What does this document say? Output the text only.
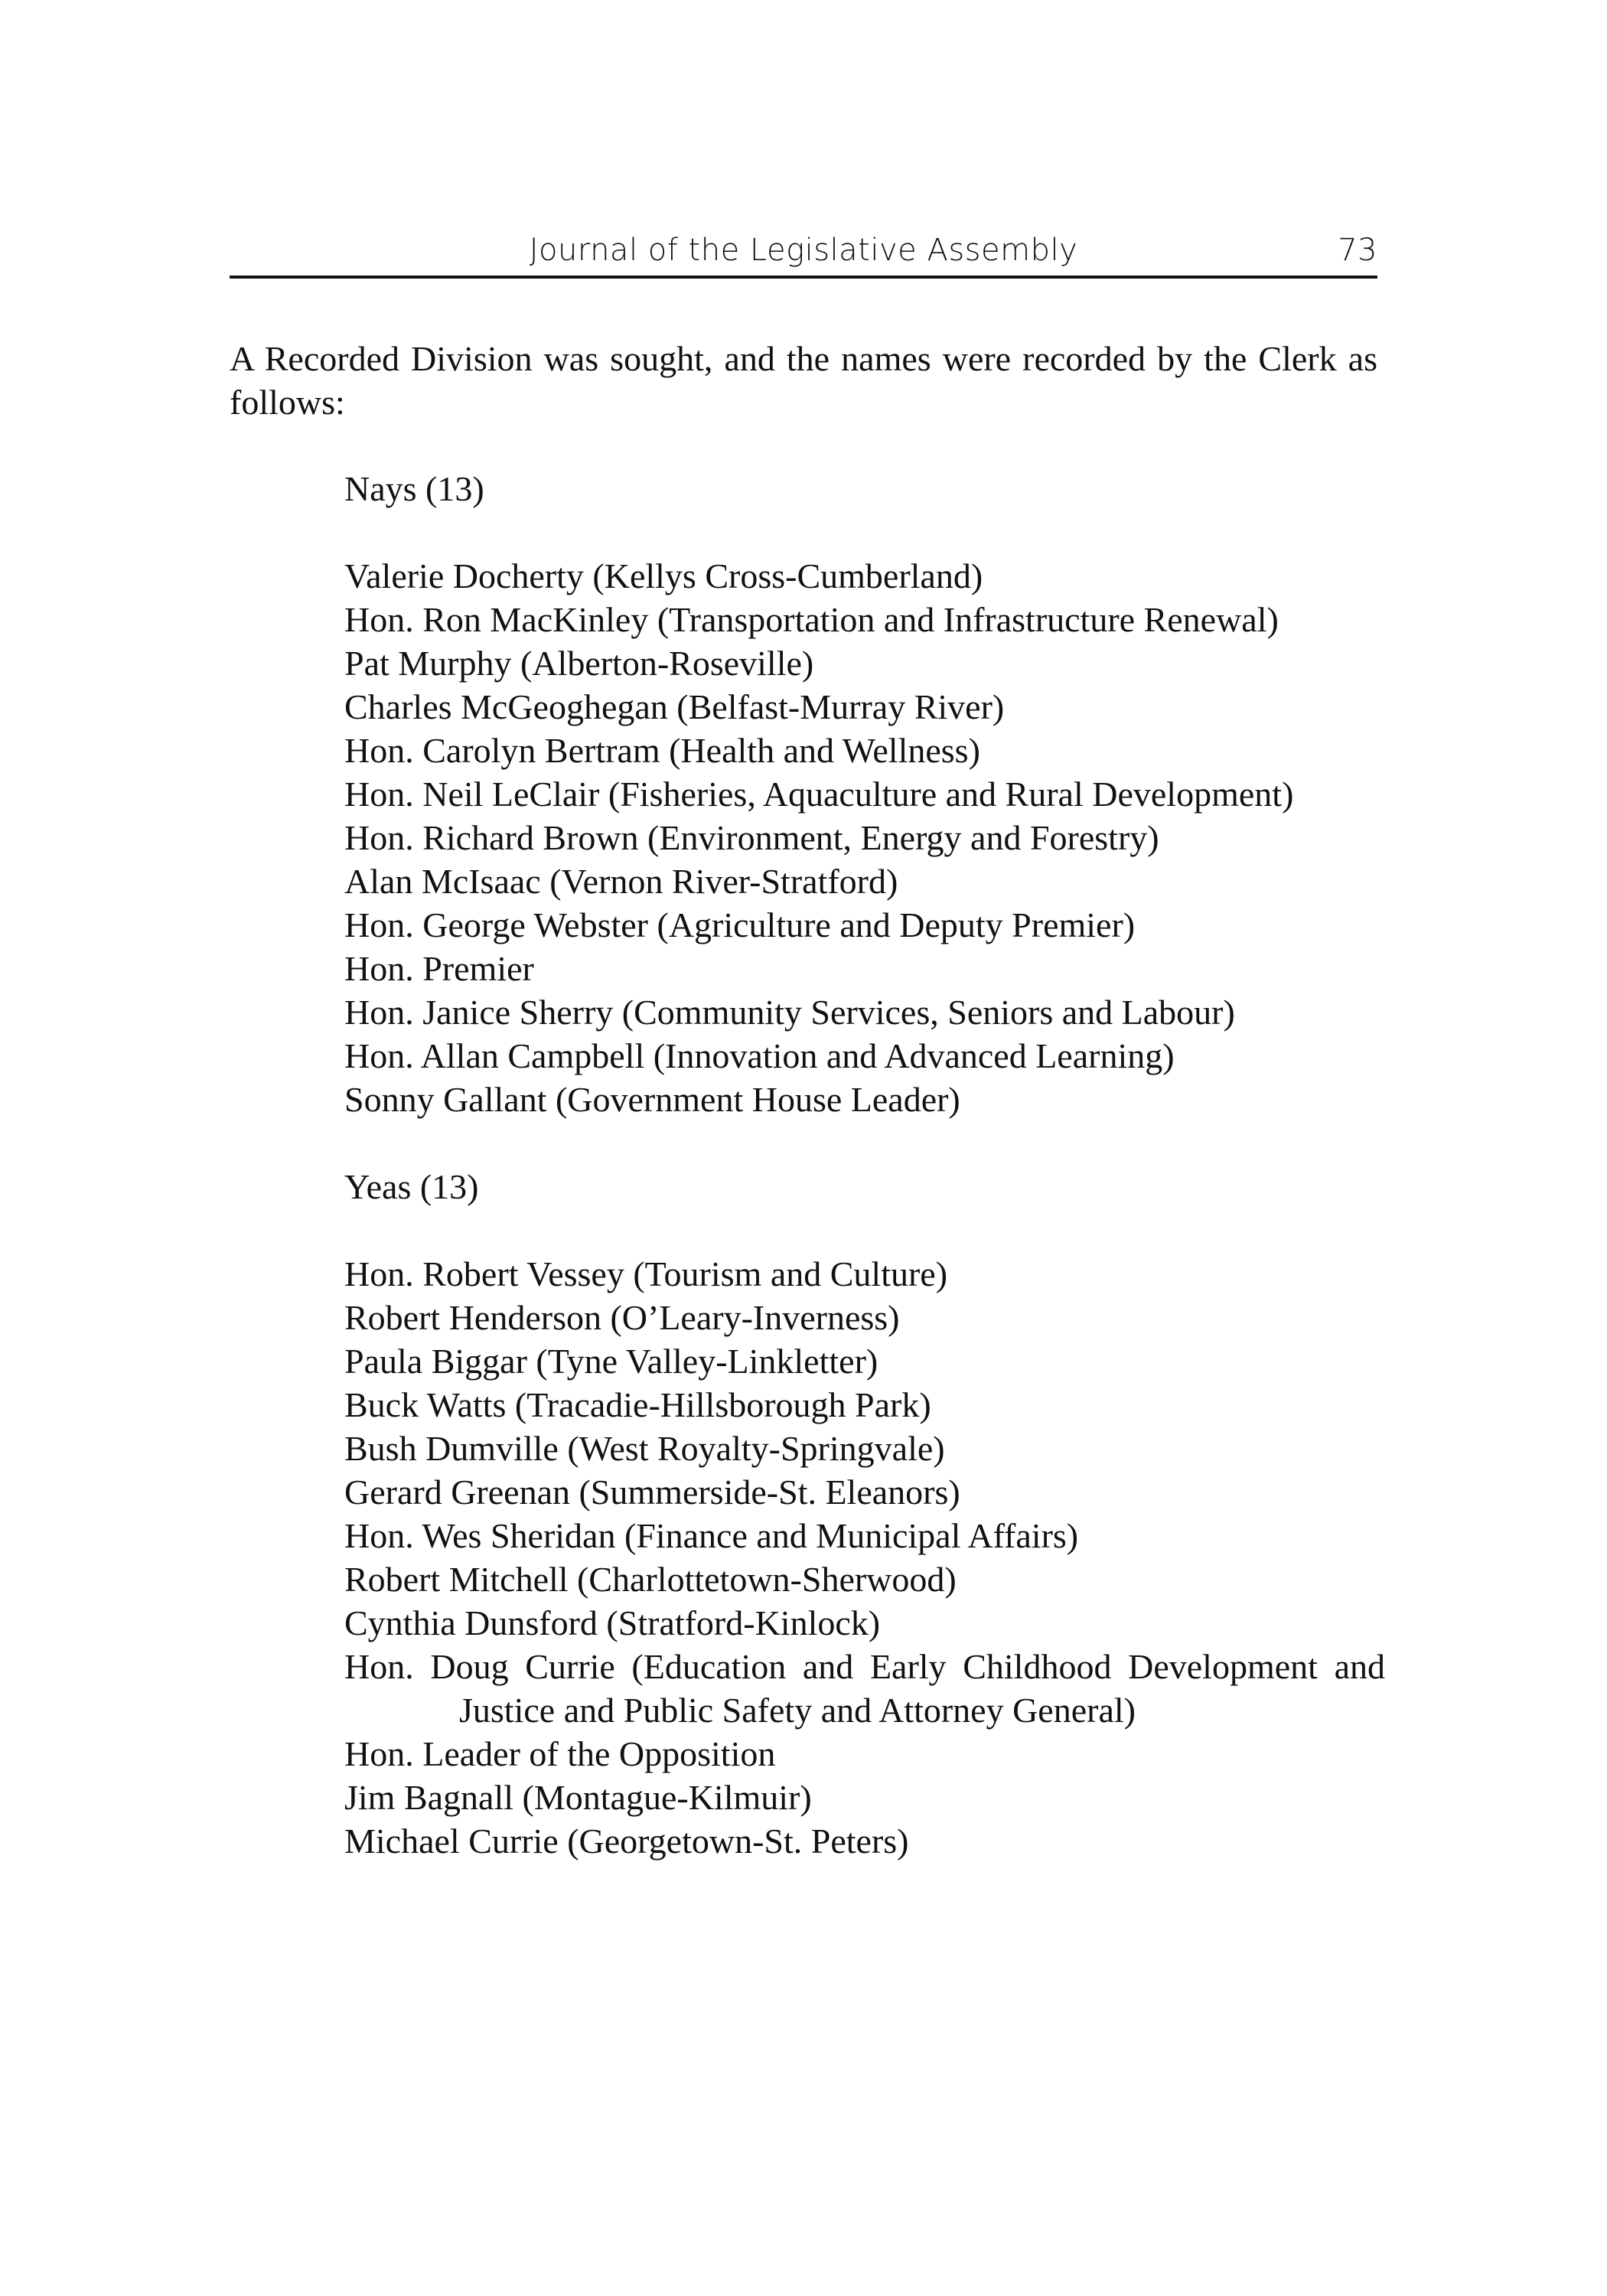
Journal of the Legislative Assembly	73

A Recorded Division was sought, and the names were recorded by the Clerk as follows:

Nays (13)
Valerie Docherty (Kellys Cross-Cumberland)
Hon. Ron MacKinley (Transportation and Infrastructure Renewal)
Pat Murphy (Alberton-Roseville)
Charles McGeoghegan (Belfast-Murray River)
Hon. Carolyn Bertram (Health and Wellness)
Hon. Neil LeClair (Fisheries, Aquaculture and Rural Development)
Hon. Richard Brown (Environment, Energy and Forestry)
Alan McIsaac (Vernon River-Stratford)
Hon. George Webster (Agriculture and Deputy Premier)
Hon. Premier
Hon. Janice Sherry (Community Services, Seniors and Labour)
Hon. Allan Campbell (Innovation and Advanced Learning)
Sonny Gallant (Government House Leader)
Yeas (13)
Hon. Robert Vessey (Tourism and Culture)
Robert Henderson (O’Leary-Inverness)
Paula Biggar (Tyne Valley-Linkletter)
Buck Watts (Tracadie-Hillsborough Park)
Bush Dumville (West Royalty-Springvale)
Gerard Greenan (Summerside-St. Eleanors)
Hon. Wes Sheridan (Finance and Municipal Affairs)
Robert Mitchell (Charlottetown-Sherwood)
Cynthia Dunsford (Stratford-Kinlock)
Hon. Doug Currie (Education and Early Childhood Development and Justice and Public Safety and Attorney General)
Hon. Leader of the Opposition
Jim Bagnall (Montague-Kilmuir)
Michael Currie (Georgetown-St. Peters)
